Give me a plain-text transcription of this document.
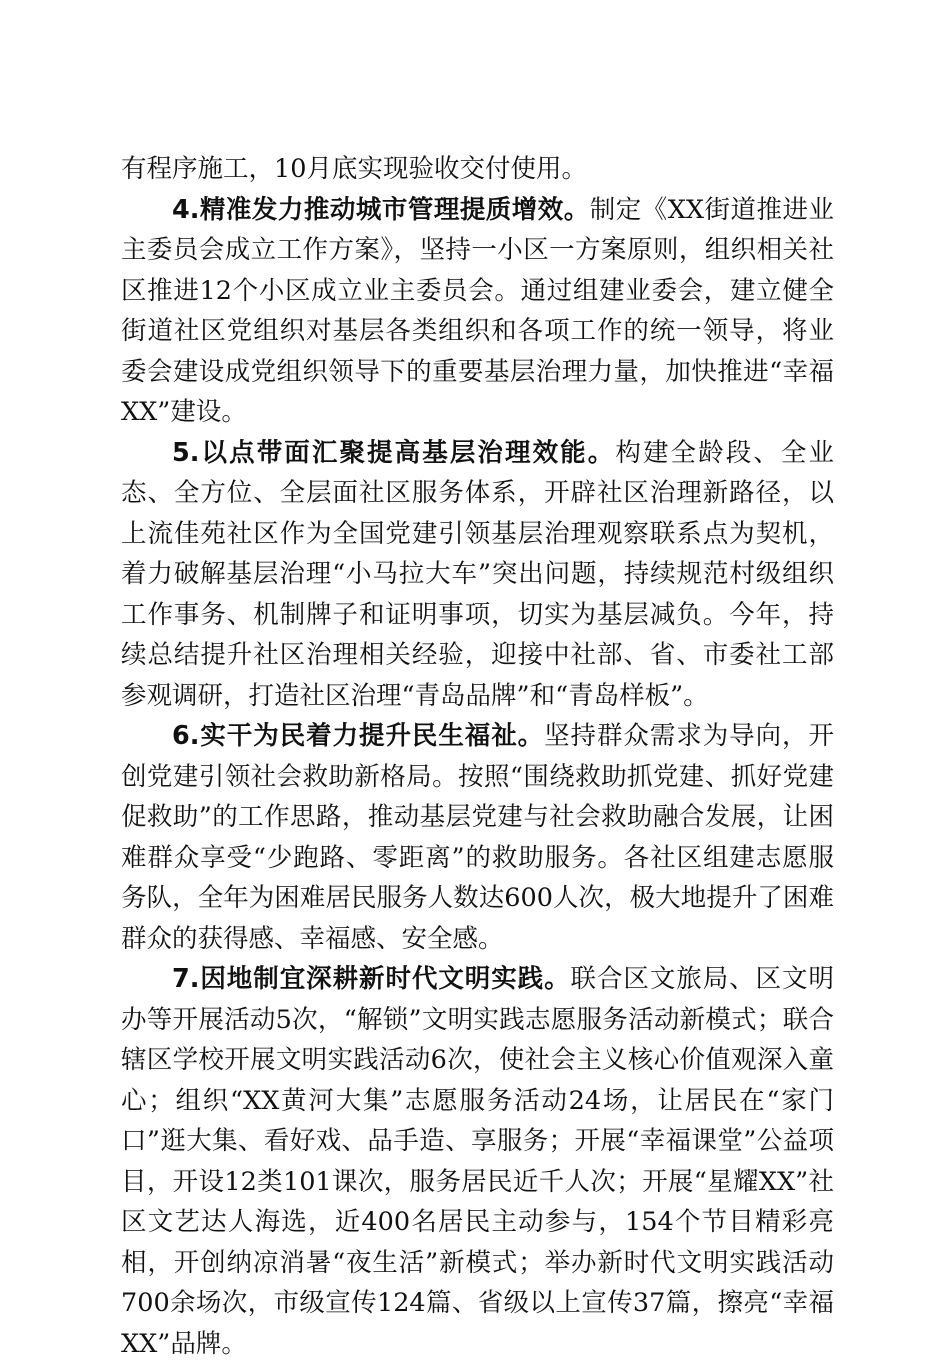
有程序施工，10月底实现验收交付使用。

4.精准发力推动城市管理提质增效。制定《XX街道推进业主委员会成立工作方案》，坚持一小区一方案原则，组织相关社区推进12个小区成立业主委员会。通过组建业委会，建立健全街道社区党组织对基层各类组织和各项工作的统一领导，将业委会建设成党组织领导下的重要基层治理力量，加快推进“幸福XX”建设。

5.以点带面汇聚提高基层治理效能。构建全龄段、全业态、全方位、全层面社区服务体系，开辟社区治理新路径，以上流佳苑社区作为全国党建引领基层治理观察联系点为契机，着力破解基层治理“小马拉大车”突出问题，持续规范村级组织工作事务、机制牌子和证明事项，切实为基层减负。今年，持续总结提升社区治理相关经验，迎接中社部、省、市委社工部参观调研，打造社区治理“青岛品牌”和“青岛样板”。

6.实干为民着力提升民生福祉。坚持群众需求为导向，开创党建引领社会救助新格局。按照“围绕救助抓党建、抓好党建促救助”的工作思路，推动基层党建与社会救助融合发展，让困难群众享受“少跑路、零距离”的救助服务。各社区组建志愿服务队，全年为困难居民服务人数达600人次，极大地提升了困难群众的获得感、幸福感、安全感。

7.因地制宜深耕新时代文明实践。联合区文旅局、区文明办等开展活动5次，“解锁”文明实践志愿服务活动新模式；联合辖区学校开展文明实践活动6次，使社会主义核心价值观深入童心；组织“XX黄河大集”志愿服务活动24场，让居民在“家门口”逛大集、看好戏、品手造、享服务；开展“幸福课堂”公益项目，开设12类101课次，服务居民近千人次；开展“星耀XX”社区文艺达人海选，近400名居民主动参与，154个节目精彩亮相，开创纳凉消暑“夜生活”新模式；举办新时代文明实践活动700余场次，市级宣传124篇、省级以上宣传37篇，擦亮“幸福XX”品牌。
